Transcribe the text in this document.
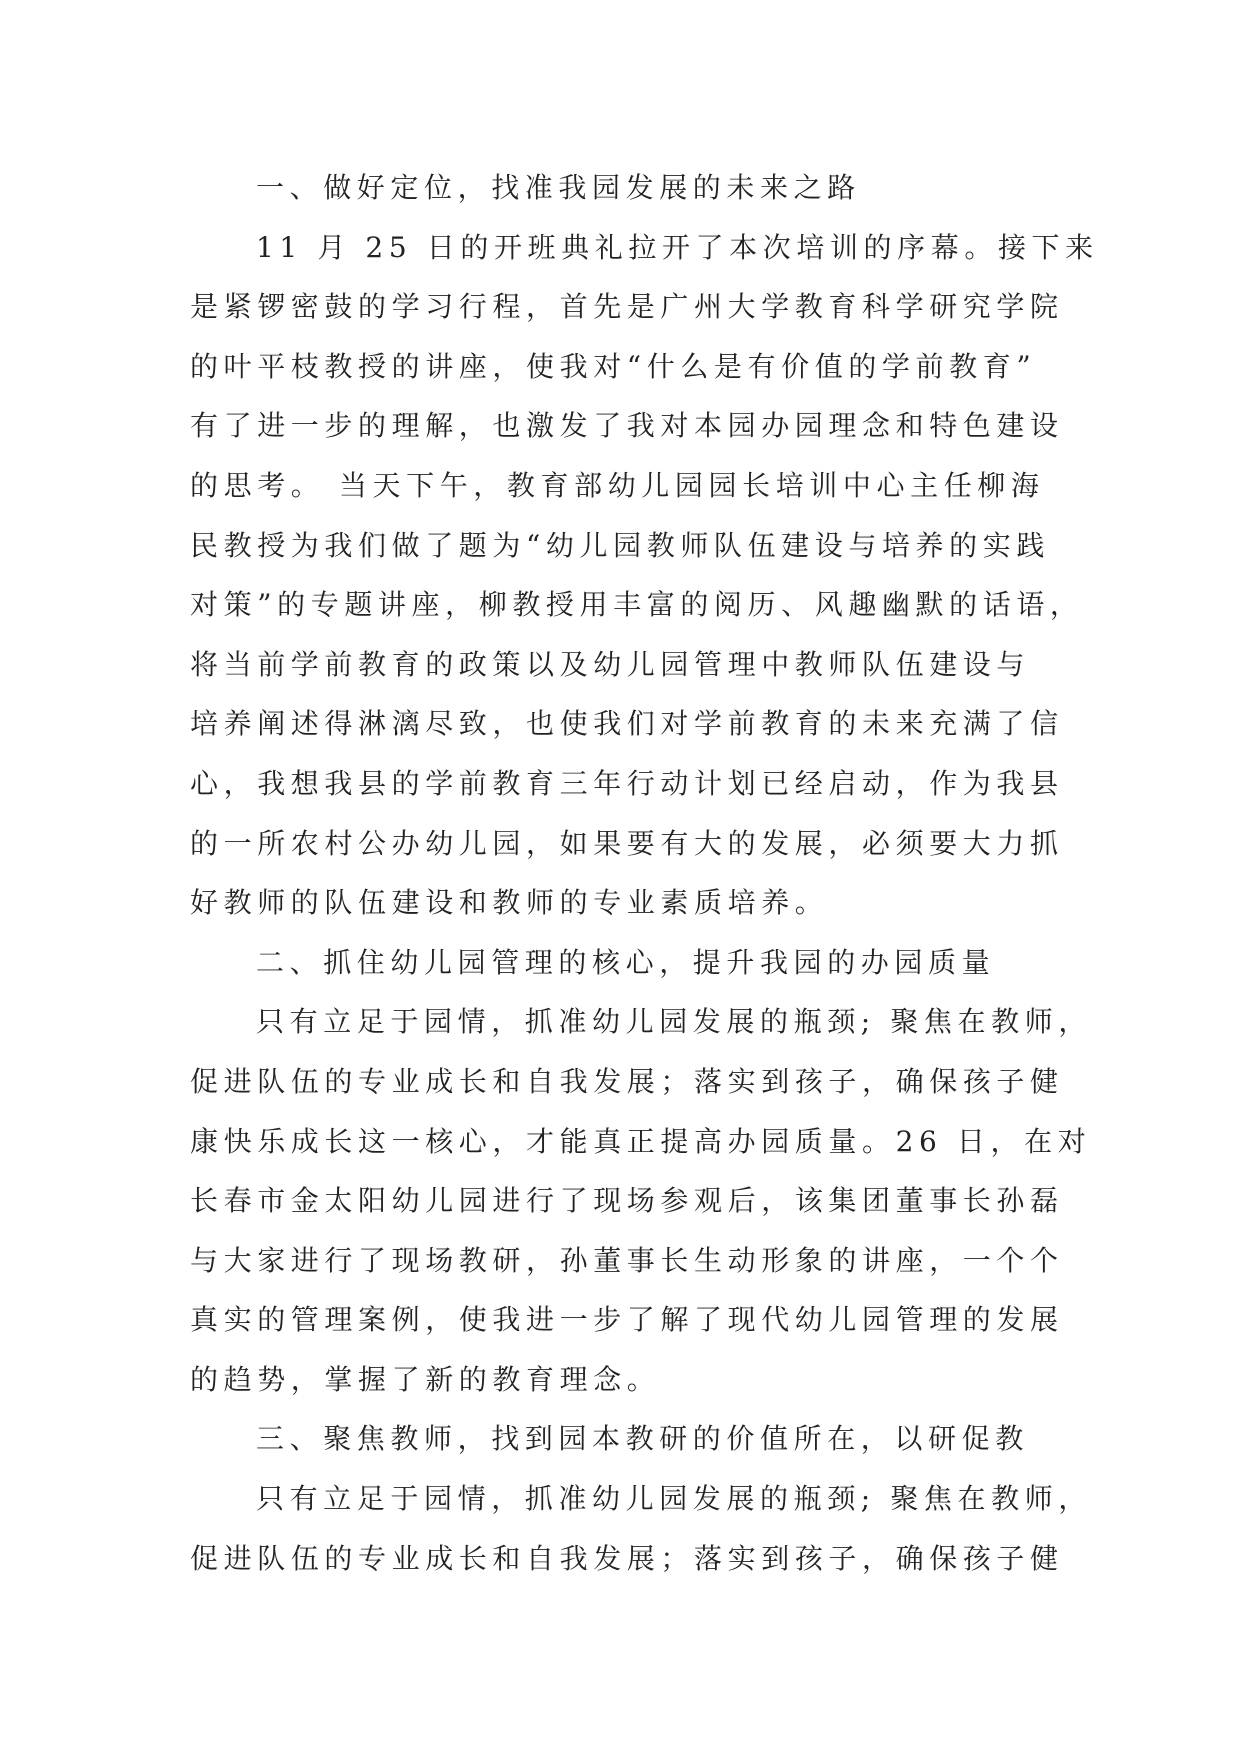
一、做好定位，找准我园发展的未来之路
11 月 25 日的开班典礼拉开了本次培训的序幕。接下来
是紧锣密鼓的学习行程，首先是广州大学教育科学研究学院
的叶平枝教授的讲座，使我对“什么是有价值的学前教育”
有了进一步的理解，也激发了我对本园办园理念和特色建设
的思考。 当天下午，教育部幼儿园园长培训中心主任柳海
民教授为我们做了题为“幼儿园教师队伍建设与培养的实践
对策”的专题讲座，柳教授用丰富的阅历、风趣幽默的话语，
将当前学前教育的政策以及幼儿园管理中教师队伍建设与
培养阐述得淋漓尽致，也使我们对学前教育的未来充满了信
心，我想我县的学前教育三年行动计划已经启动，作为我县
的一所农村公办幼儿园，如果要有大的发展，必须要大力抓
好教师的队伍建设和教师的专业素质培养。
二、抓住幼儿园管理的核心，提升我园的办园质量
只有立足于园情，抓准幼儿园发展的瓶颈; 聚焦在教师，
促进队伍的专业成长和自我发展；落实到孩子，确保孩子健
康快乐成长这一核心，才能真正提高办园质量。26 日，在对
长春市金太阳幼儿园进行了现场参观后，该集团董事长孙磊
与大家进行了现场教研，孙董事长生动形象的讲座，一个个
真实的管理案例，使我进一步了解了现代幼儿园管理的发展
的趋势，掌握了新的教育理念。
三、聚焦教师，找到园本教研的价值所在，以研促教
只有立足于园情，抓准幼儿园发展的瓶颈; 聚焦在教师，
促进队伍的专业成长和自我发展；落实到孩子，确保孩子健
